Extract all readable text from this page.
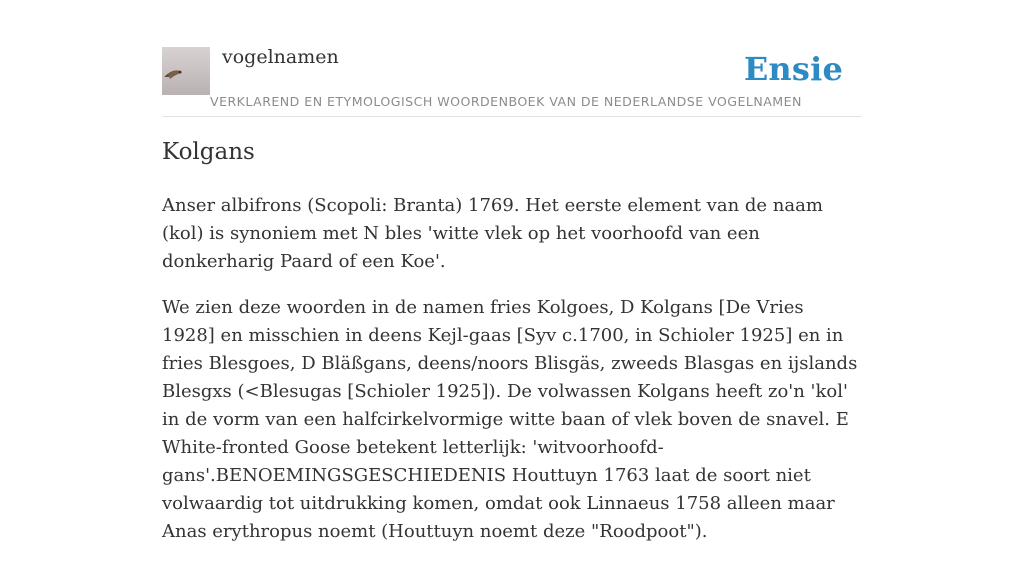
vogelnamen	Ensie
VERKLAREND EN ETYMOLOGISCH WOORDENBOEK VAN DE NEDERLANDSE VOGELNAMEN
Kolgans

Anser albifrons (Scopoli: Branta) 1769. Het eerste element van de naam (kol) is synoniem met N bles 'witte vlek op het voorhoofd van een donkerharig Paard of een Koe'.

We zien deze woorden in de namen fries Kolgoes, D Kolgans [De Vries 1928] en misschien in deens Kejl-gaas [Syv c.1700, in Schioler 1925] en in fries Blesgoes, D Bläßgans, deens/noors Blisgäs, zweeds Blasgas en ijslands Blesgxs (<Blesugas [Schioler 1925]). De volwassen Kolgans heeft zo'n 'kol' in de vorm van een halfcirkelvormige witte baan of vlek boven de snavel. E White-fronted Goose betekent letterlijk: 'witvoorhoofd-gans'.BENOEMINGSGESCHIEDENIS Houttuyn 1763 laat de soort niet volwaardig tot uitdrukking komen, omdat ook Linnaeus 1758 alleen maar Anas erythropus noemt (Houttuyn noemt deze "Roodpoot").
